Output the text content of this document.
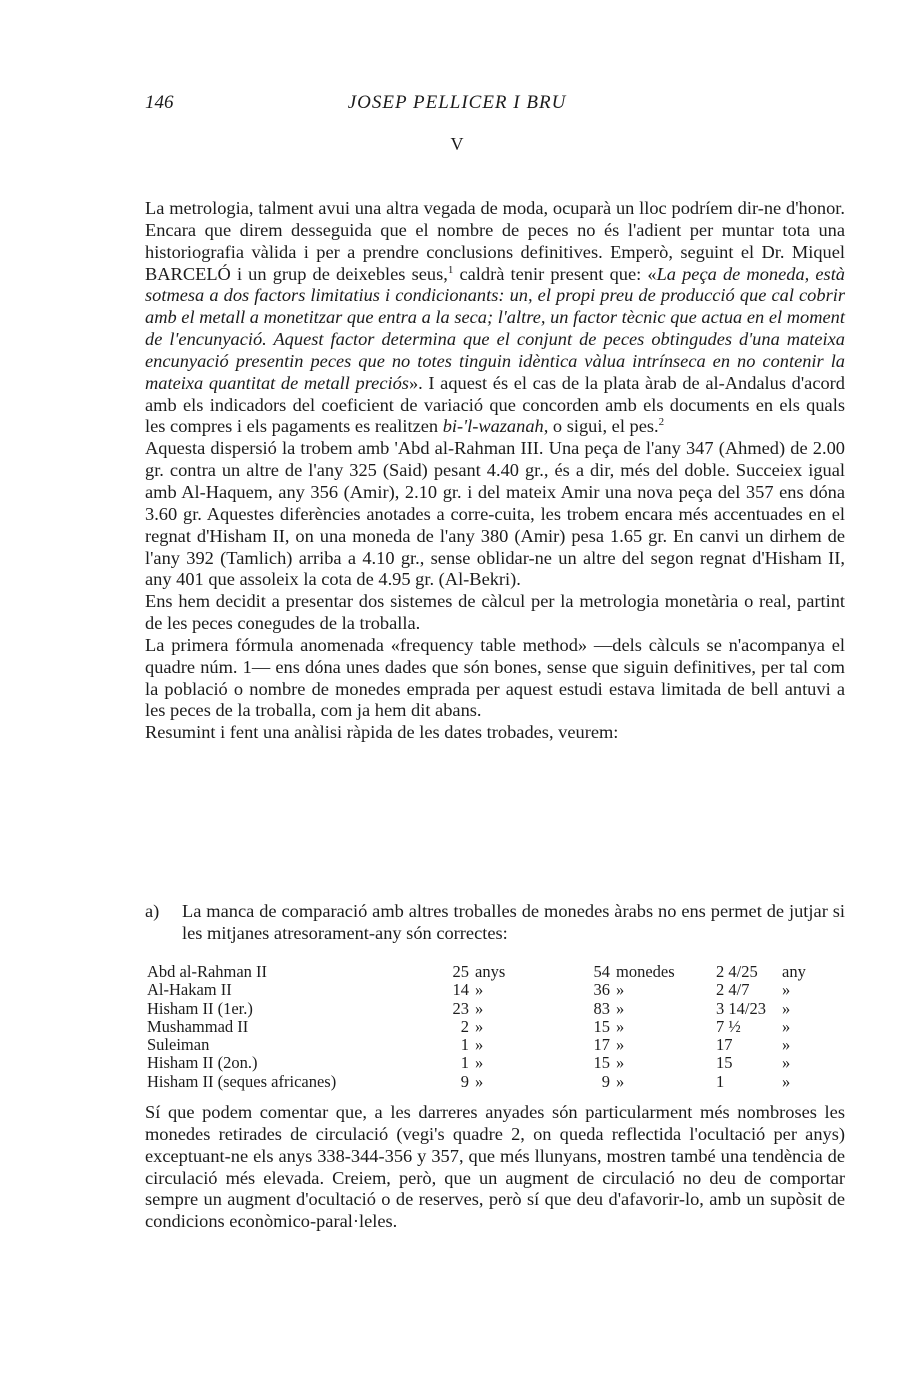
146	JOSEP PELLICER I BRU
V

La metrologia, talment avui una altra vegada de moda, ocuparà un lloc podríem dir-ne d'honor. Encara que direm desseguida que el nombre de peces no és l'adient per muntar tota una historiografia vàlida i per a prendre conclusions definitives. Emperò, seguint el Dr. Miquel BARCELÓ i un grup de deixebles seus,$^1$ caldrà tenir present que: «La peça de moneda, està sotmesa a dos factors limitatius i condicionants: un, el propi preu de producció que cal cobrir amb el metall a monetitzar que entra a la seca; l'altre, un factor tècnic que actua en el moment de l'encunyació. Aquest factor determina que el conjunt de peces obtingudes d'una mateixa encunyació presentin peces que no totes tinguin idèntica vàlua intrínseca en no contenir la mateixa quantitat de metall preciós». I aquest és el cas de la plata àrab de al-Andalus d'acord amb els indicadors del coeficient de variació que concorden amb els documents en els quals les compres i els pagaments es realitzen bi-'l-wazanah, o sigui, el pes.$^2$

Aquesta dispersió la trobem amb 'Abd al-Rahman III. Una peça de l'any 347 (Ahmed) de 2.00 gr. contra un altre de l'any 325 (Said) pesant 4.40 gr., és a dir, més del doble. Succeiex igual amb Al-Haquem, any 356 (Amir), 2.10 gr. i del mateix Amir una nova peça del 357 ens dóna 3.60 gr. Aquestes diferències anotades a corre-cuita, les trobem encara més accentuades en el regnat d'Hisham II, on una moneda de l'any 380 (Amir) pesa 1.65 gr. En canvi un dirhem de l'any 392 (Tamlich) arriba a 4.10 gr., sense oblidar-ne un altre del segon regnat d'Hisham II, any 401 que assoleix la cota de 4.95 gr. (Al-Bekri).

Ens hem decidit a presentar dos sistemes de càlcul per la metrologia monetària o real, partint de les peces conegudes de la troballa.

La primera fórmula anomenada «frequency table method» —dels càlculs se n'acompanya el quadre núm. 1— ens dóna unes dades que són bones, sense que siguin definitives, per tal com la població o nombre de monedes emprada per aquest estudi estava limitada de bell antuvi a les peces de la troballa, com ja hem dit abans.

Resumint i fent una anàlisi ràpida de les dates trobades, veurem:

a) La manca de comparació amb altres troballes de monedes àrabs no ens permet de jutjar si les mitjanes atresorament-any són correctes:
Abd al-Rahman II	25	anys	54	monedes	2 4/25	any
Al-Hakam II	14	»	36	»	2 4/7	»
Hisham II (1er.)	23	»	83	»	3 14/23	»
Mushammad II	2	»	15	»	7 ½	»
Suleiman	1	»	17	»	17	»
Hisham II (2on.)	1	»	15	»	15	»
Hisham II (seques africanes)	9	»	9	»	1	»

Sí que podem comentar que, a les darreres anyades són particularment més nombroses les monedes retirades de circulació (vegi's quadre 2, on queda reflectida l'ocultació per anys) exceptuant-ne els anys 338-344-356 y 357, que més llunyans, mostren també una tendència de circulació més elevada. Creiem, però, que un augment de circulació no deu de comportar sempre un augment d'ocultació o de reserves, però sí que deu d'afavorir-lo, amb un supòsit de condicions econòmico-paral·leles.
